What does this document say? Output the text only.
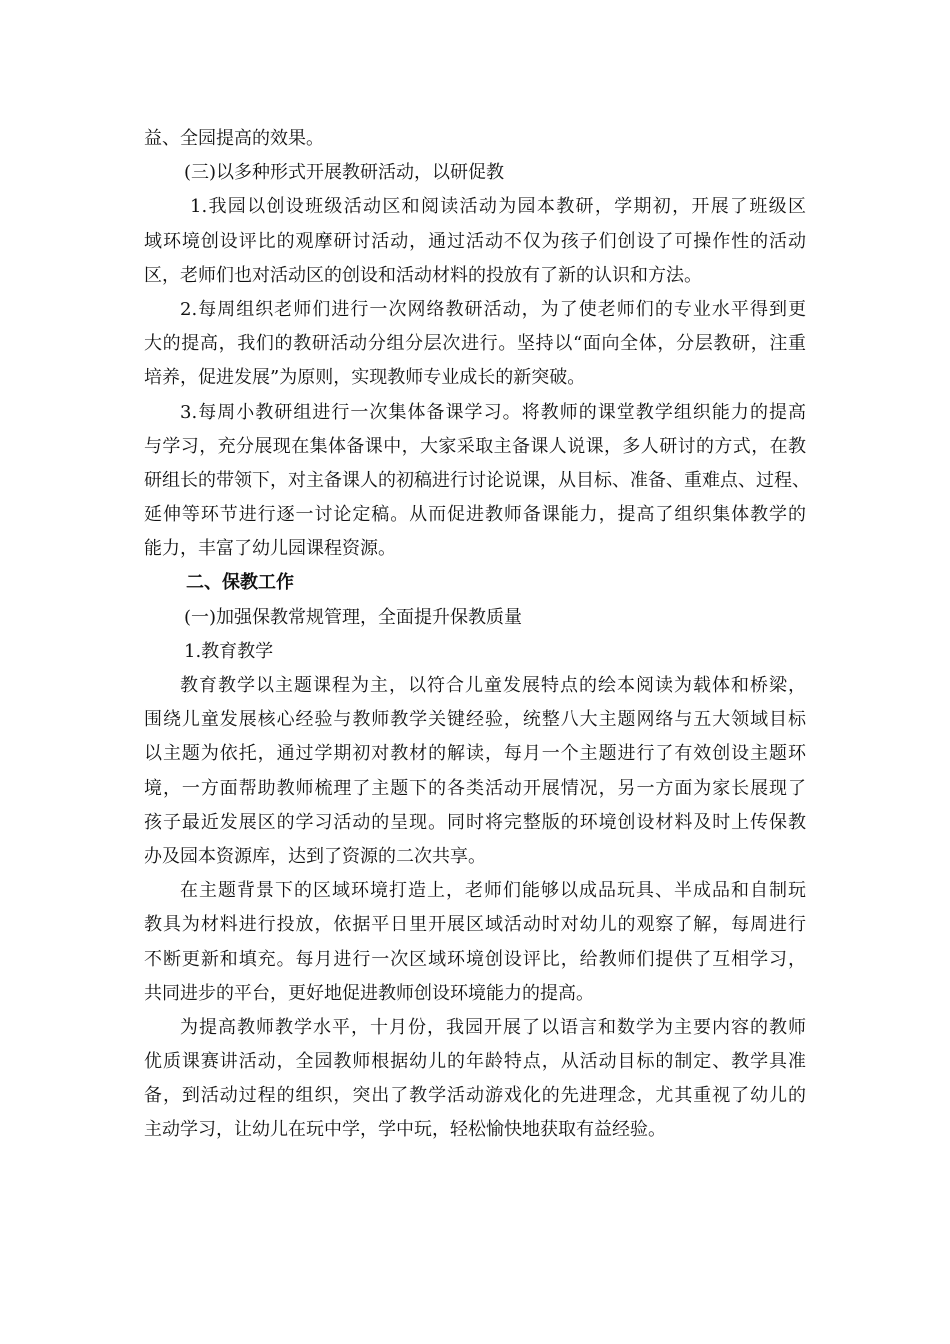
益、全园提高的效果。
(三)以多种形式开展教研活动，以研促教
1.我园以创设班级活动区和阅读活动为园本教研，学期初，开展了班级区
域环境创设评比的观摩研讨活动，通过活动不仅为孩子们创设了可操作性的活动
区，老师们也对活动区的创设和活动材料的投放有了新的认识和方法。
2.每周组织老师们进行一次网络教研活动，为了使老师们的专业水平得到更
大的提高，我们的教研活动分组分层次进行。坚持以“面向全体，分层教研，注重
培养，促进发展”为原则，实现教师专业成长的新突破。
3.每周小教研组进行一次集体备课学习。将教师的课堂教学组织能力的提高
与学习，充分展现在集体备课中，大家采取主备课人说课，多人研讨的方式，在教
研组长的带领下，对主备课人的初稿进行讨论说课，从目标、准备、重难点、过程、
延伸等环节进行逐一讨论定稿。从而促进教师备课能力，提高了组织集体教学的
能力，丰富了幼儿园课程资源。
二、保教工作
(一)加强保教常规管理，全面提升保教质量
1.教育教学
教育教学以主题课程为主，以符合儿童发展特点的绘本阅读为载体和桥梁，
围绕儿童发展核心经验与教师教学关键经验，统整八大主题网络与五大领域目标
以主题为依托，通过学期初对教材的解读，每月一个主题进行了有效创设主题环
境，一方面帮助教师梳理了主题下的各类活动开展情况，另一方面为家长展现了
孩子最近发展区的学习活动的呈现。同时将完整版的环境创设材料及时上传保教
办及园本资源库，达到了资源的二次共享。
在主题背景下的区域环境打造上，老师们能够以成品玩具、半成品和自制玩
教具为材料进行投放，依据平日里开展区域活动时对幼儿的观察了解，每周进行
不断更新和填充。每月进行一次区域环境创设评比，给教师们提供了互相学习，
共同进步的平台，更好地促进教师创设环境能力的提高。
为提高教师教学水平，十月份，我园开展了以语言和数学为主要内容的教师
优质课赛讲活动，全园教师根据幼儿的年龄特点，从活动目标的制定、教学具准
备，到活动过程的组织，突出了教学活动游戏化的先进理念，尤其重视了幼儿的
主动学习，让幼儿在玩中学，学中玩，轻松愉快地获取有益经验。
